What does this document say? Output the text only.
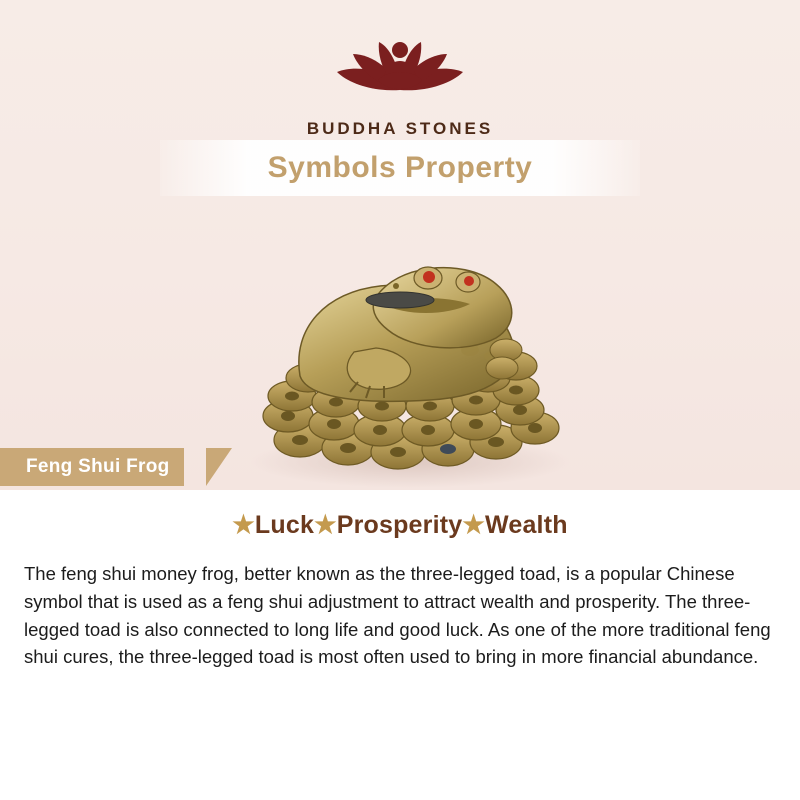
BUDDHA STONES
Symbols Property
Feng Shui Frog
★Luck★Prosperity★Wealth

The feng shui money frog, better known as the three-legged toad, is a popular Chinese symbol that is used as a feng shui adjustment to attract wealth and prosperity. The three-legged toad is also connected to long life and good luck. As one of the more traditional feng shui cures, the three-legged toad is most often used to bring in more financial abundance.
